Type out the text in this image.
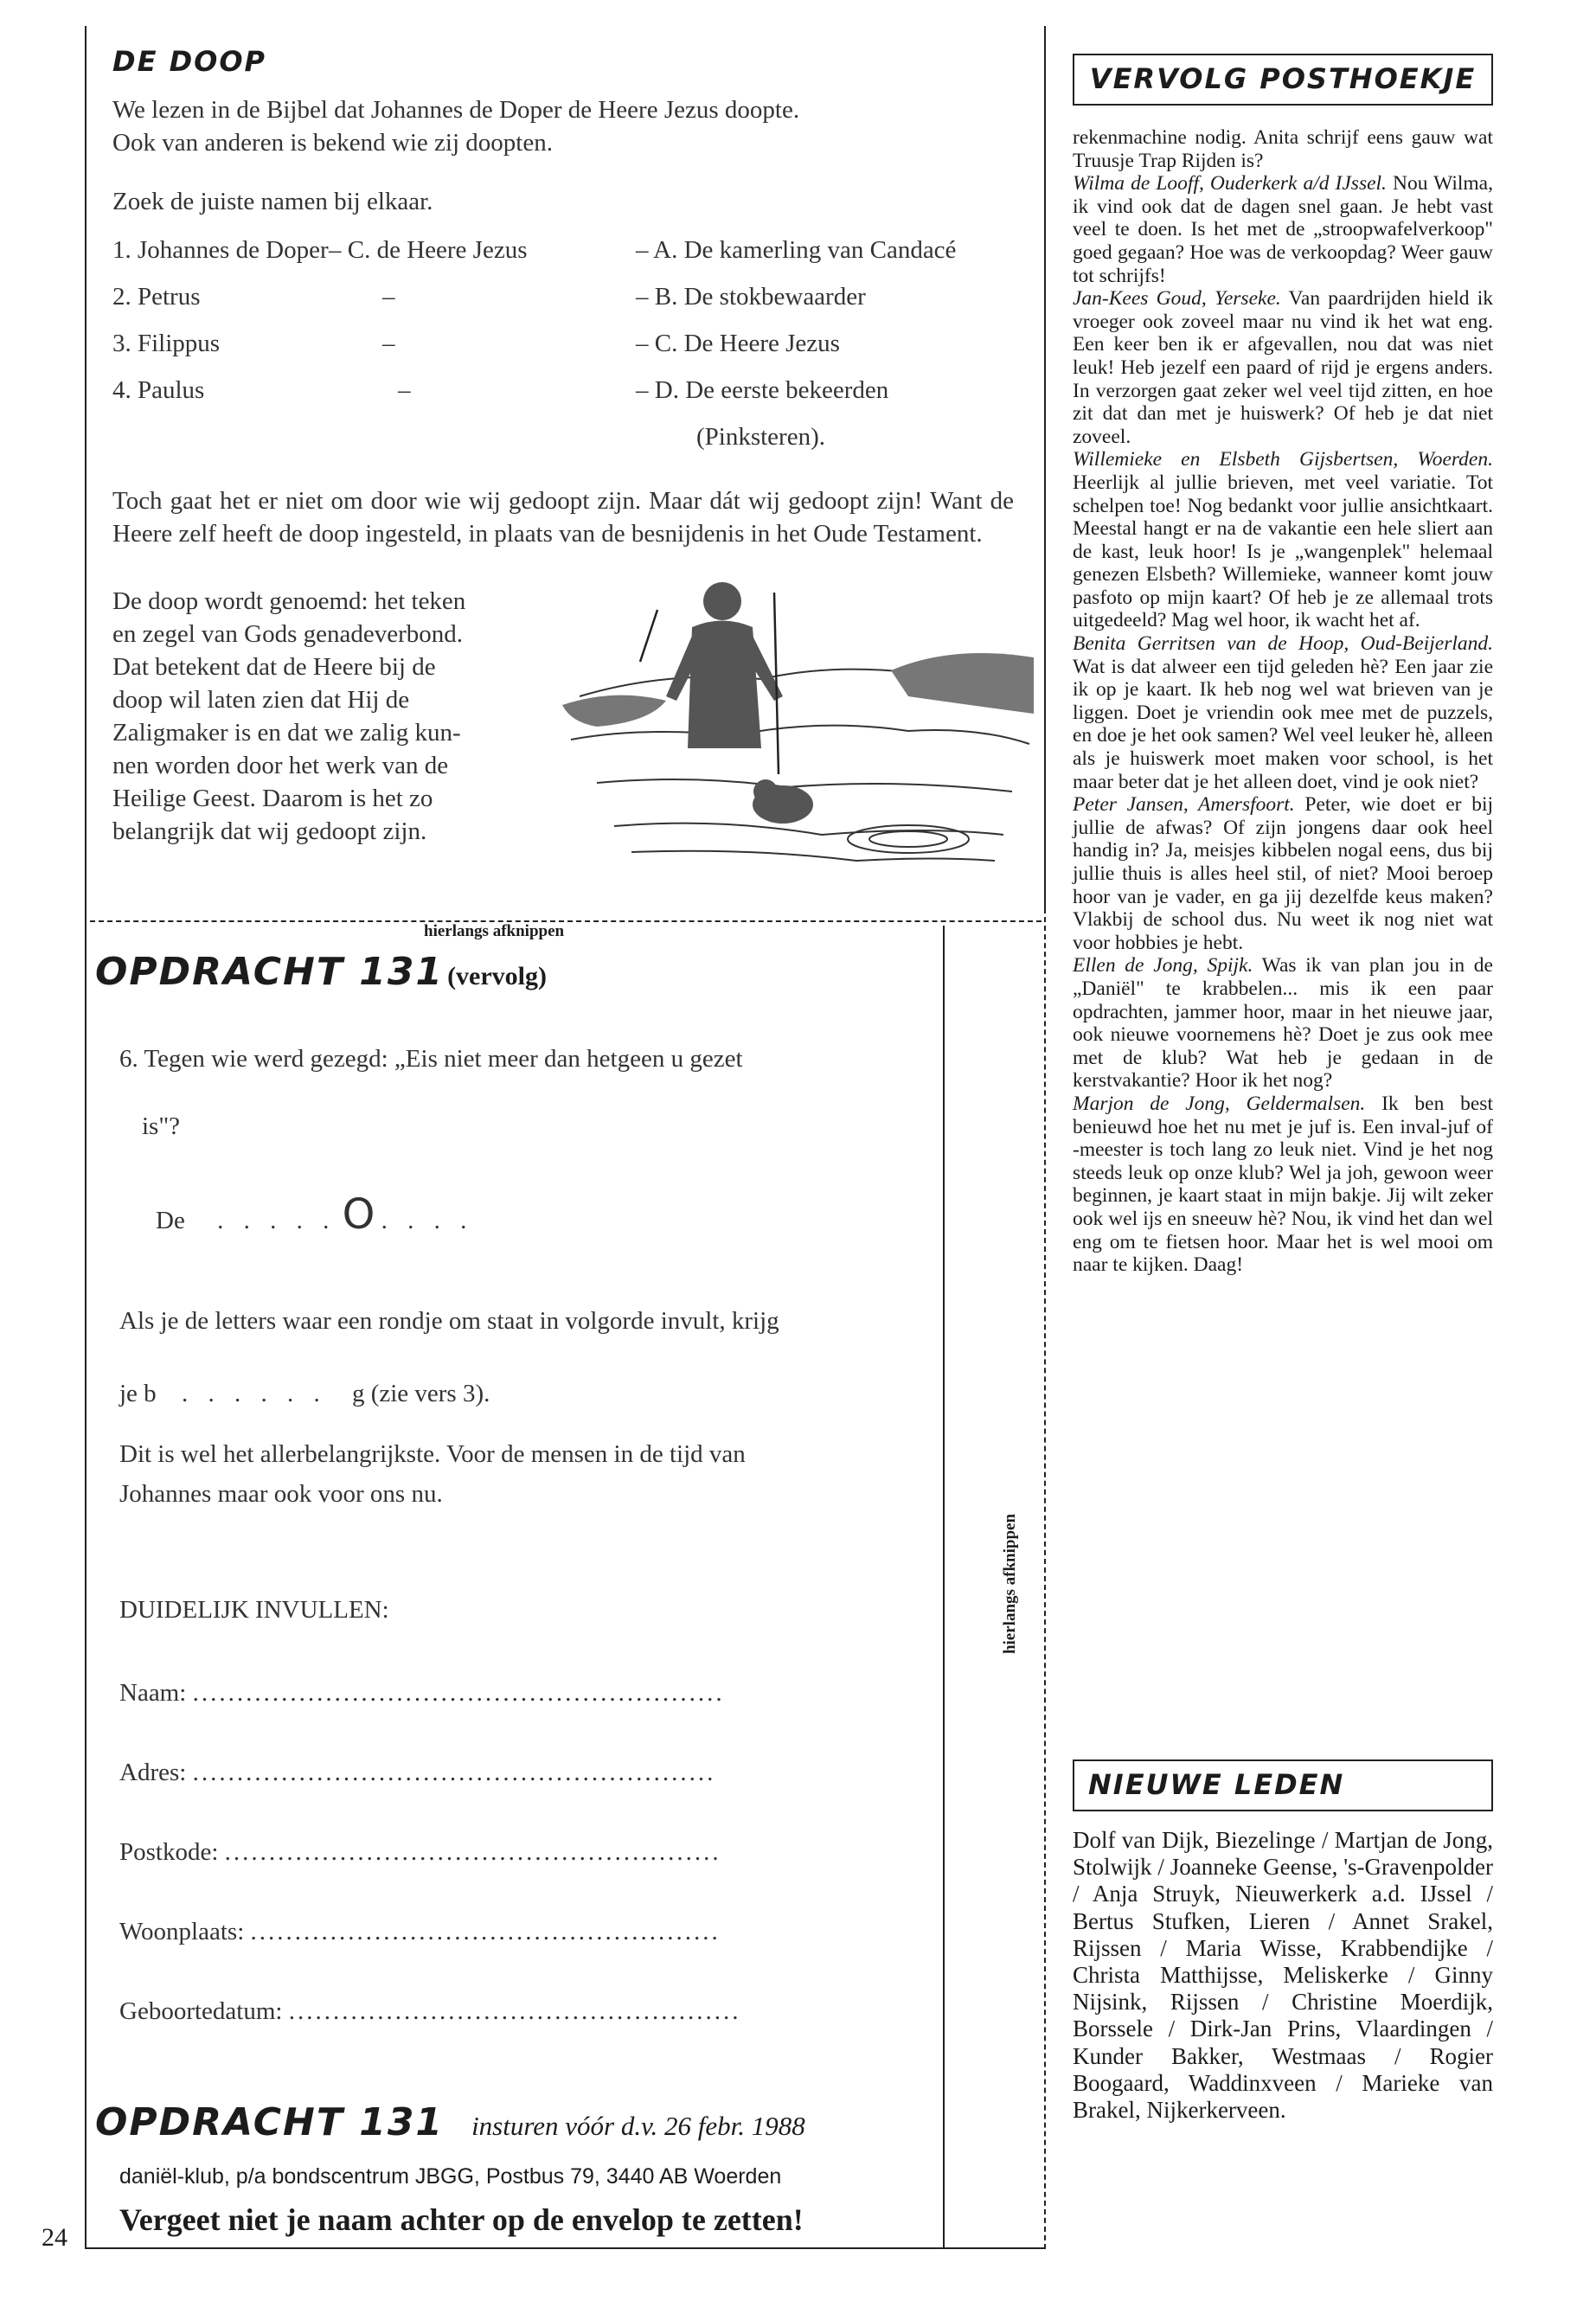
24
DE DOOP
We lezen in de Bijbel dat Johannes de Doper de Heere Jezus doopte.
Ook van anderen is bekend wie zij doopten.
Zoek de juiste namen bij elkaar.
1. Johannes de Doper – C. de Heere Jezus	– A. De kamerling van Candacé
2. Petrus	–	– B. De stokbewaarder
3. Filippus	–	– C. De Heere Jezus
4. Paulus	–	– D. De eerste bekeerden
(Pinksteren).
Toch gaat het er niet om door wie wij gedoopt zijn. Maar dát wij gedoopt zijn! Want de Heere zelf heeft de doop ingesteld, in plaats van de besnijdenis in het Oude Testament.
De doop wordt genoemd: het teken
en zegel van Gods genadeverbond.
Dat betekent dat de Heere bij de
doop wil laten zien dat Hij de
Zaligmaker is en dat we zalig kun-
nen worden door het werk van de
Heilige Geest. Daarom is het zo
belangrijk dat wij gedoopt zijn.
hierlangs afknippen
OPDRACHT 131 (vervolg)
6. Tegen wie werd gezegd: „Eis niet meer dan hetgeen u gezet
is"?
De . . . . . O . . . .
Als je de letters waar een rondje om staat in volgorde invult, krijg
je b . . . . . . g (zie vers 3).
Dit is wel het allerbelangrijkste. Voor de mensen in de tijd van
Johannes maar ook voor ons nu.
DUIDELIJK INVULLEN:
Naam: ............................................................
Adres: ...........................................................
Postkode: ........................................................
Woonplaats: .....................................................
Geboortedatum: ...................................................
OPDRACHT 131 insturen vóór d.v. 26 febr. 1988
daniël-klub, p/a bondscentrum JBGG, Postbus 79, 3440 AB Woerden
Vergeet niet je naam achter op de envelop te zetten!
hierlangs afknippen
VERVOLG POSTHOEKJE

rekenmachine nodig. Anita schrijf eens gauw wat Truusje Trap Rijden is?

Wilma de Looff, Ouderkerk a/d IJssel. Nou Wilma, ik vind ook dat de dagen snel gaan. Je hebt vast veel te doen. Is het met de „stroopwafelverkoop" goed gegaan? Hoe was de verkoopdag? Weer gauw tot schrijfs!

Jan-Kees Goud, Yerseke. Van paardrijden hield ik vroeger ook zoveel maar nu vind ik het wat eng. Een keer ben ik er afgevallen, nou dat was niet leuk! Heb jezelf een paard of rijd je ergens anders. In verzorgen gaat zeker wel veel tijd zitten, en hoe zit dat dan met je huiswerk? Of heb je dat niet zoveel.

Willemieke en Elsbeth Gijsbertsen, Woerden. Heerlijk al jullie brieven, met veel variatie. Tot schelpen toe! Nog bedankt voor jullie ansichtkaart. Meestal hangt er na de vakantie een hele sliert aan de kast, leuk hoor! Is je „wangenplek" helemaal genezen Elsbeth? Willemieke, wanneer komt jouw pasfoto op mijn kaart? Of heb je ze allemaal trots uitgedeeld? Mag wel hoor, ik wacht het af.

Benita Gerritsen van de Hoop, Oud-Beijerland. Wat is dat alweer een tijd geleden hè? Een jaar zie ik op je kaart. Ik heb nog wel wat brieven van je liggen. Doet je vriendin ook mee met de puzzels, en doe je het ook samen? Wel veel leuker hè, alleen als je huiswerk moet maken voor school, is het maar beter dat je het alleen doet, vind je ook niet?

Peter Jansen, Amersfoort. Peter, wie doet er bij jullie de afwas? Of zijn jongens daar ook heel handig in? Ja, meisjes kibbelen nogal eens, dus bij jullie thuis is alles heel stil, of niet? Mooi beroep hoor van je vader, en ga jij dezelfde keus maken? Vlakbij de school dus. Nu weet ik nog niet wat voor hobbies je hebt.

Ellen de Jong, Spijk. Was ik van plan jou in de „Daniël" te krabbelen... mis ik een paar opdrachten, jammer hoor, maar in het nieuwe jaar, ook nieuwe voornemens hè? Doet je zus ook mee met de klub? Wat heb je gedaan in de kerstvakantie? Hoor ik het nog?

Marjon de Jong, Geldermalsen. Ik ben best benieuwd hoe het nu met je juf is. Een inval-juf of -meester is toch lang zo leuk niet. Vind je het nog steeds leuk op onze klub? Wel ja joh, gewoon weer beginnen, je kaart staat in mijn bakje. Jij wilt zeker ook wel ijs en sneeuw hè? Nou, ik vind het dan wel eng om te fietsen hoor. Maar het is wel mooi om naar te kijken. Daag!

NIEUWE LEDEN
Dolf van Dijk, Biezelinge / Martjan de Jong, Stolwijk / Joanneke Geense, 's-Gravenpolder / Anja Struyk, Nieuwerkerk a.d. IJssel / Bertus Stufken, Lieren / Annet Srakel, Rijssen / Maria Wisse, Krabbendijke / Christa Matthijsse, Meliskerke / Ginny Nijsink, Rijssen / Christine Moerdijk, Borssele / Dirk-Jan Prins, Vlaardingen / Kunder Bakker, Westmaas / Rogier Boogaard, Waddinxveen / Marieke van Brakel, Nijkerkerveen.
